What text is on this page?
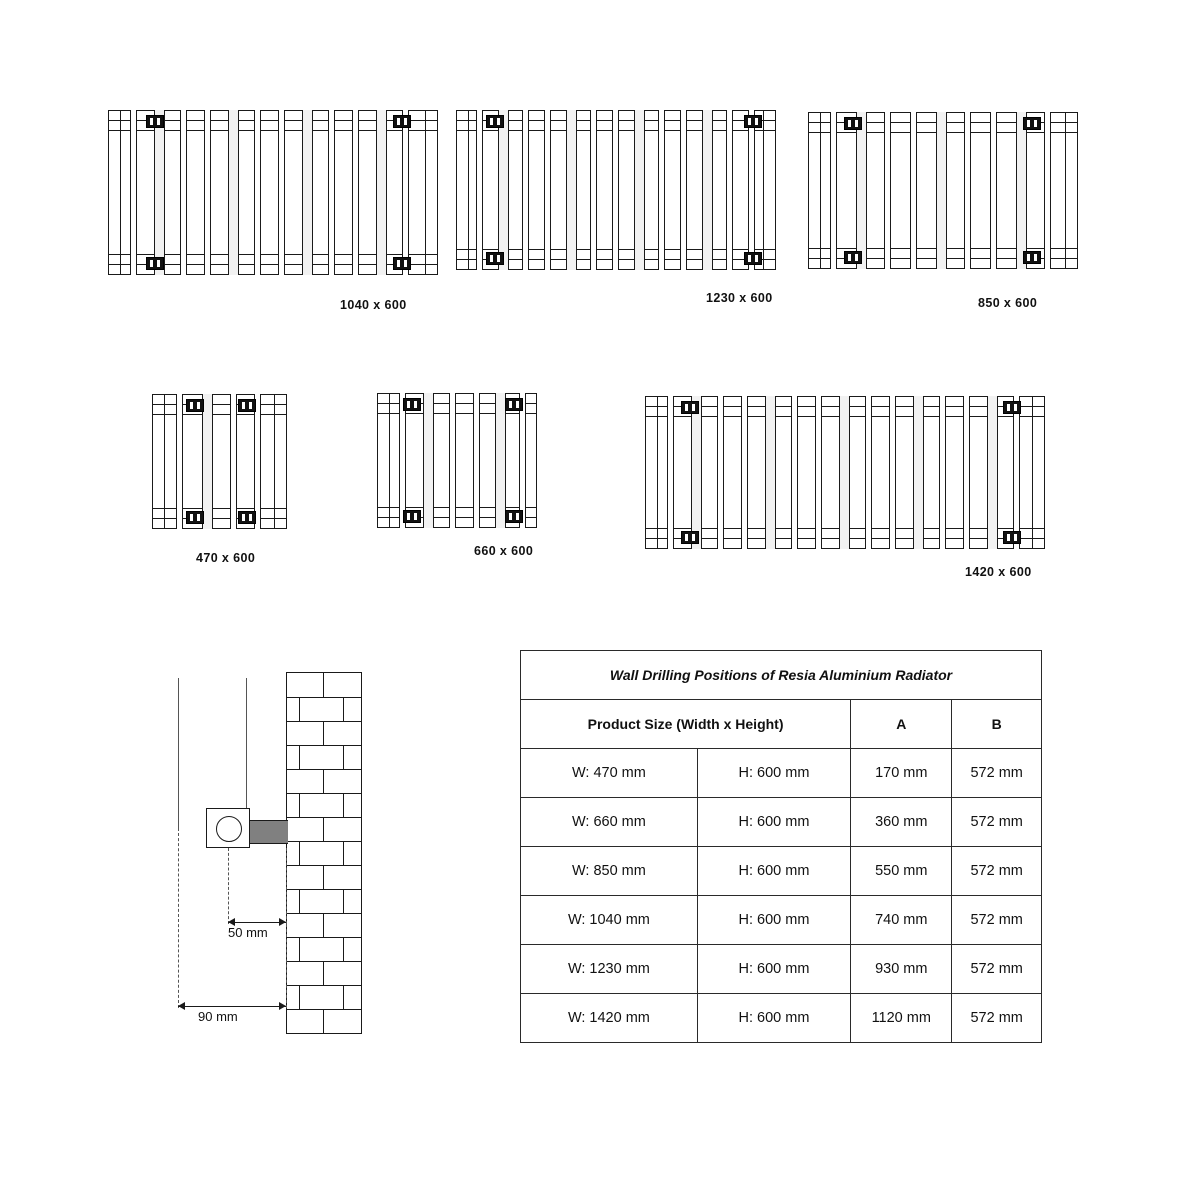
1040 x 600	1230 x 600	850 x 600
470 x 600	660 x 600
1420 x 600
50 mm
90 mm
Wall Drilling Positions of Resia Aluminium Radiator			
Product Size (Width x Height)		A	B
W: 470 mm	H: 600 mm	170 mm	572 mm
W: 660 mm	H: 600 mm	360 mm	572 mm
W: 850 mm	H: 600 mm	550 mm	572 mm
W: 1040 mm	H: 600 mm	740 mm	572 mm
W: 1230 mm	H: 600 mm	930 mm	572 mm
W: 1420 mm	H: 600 mm	1120 mm	572 mm
